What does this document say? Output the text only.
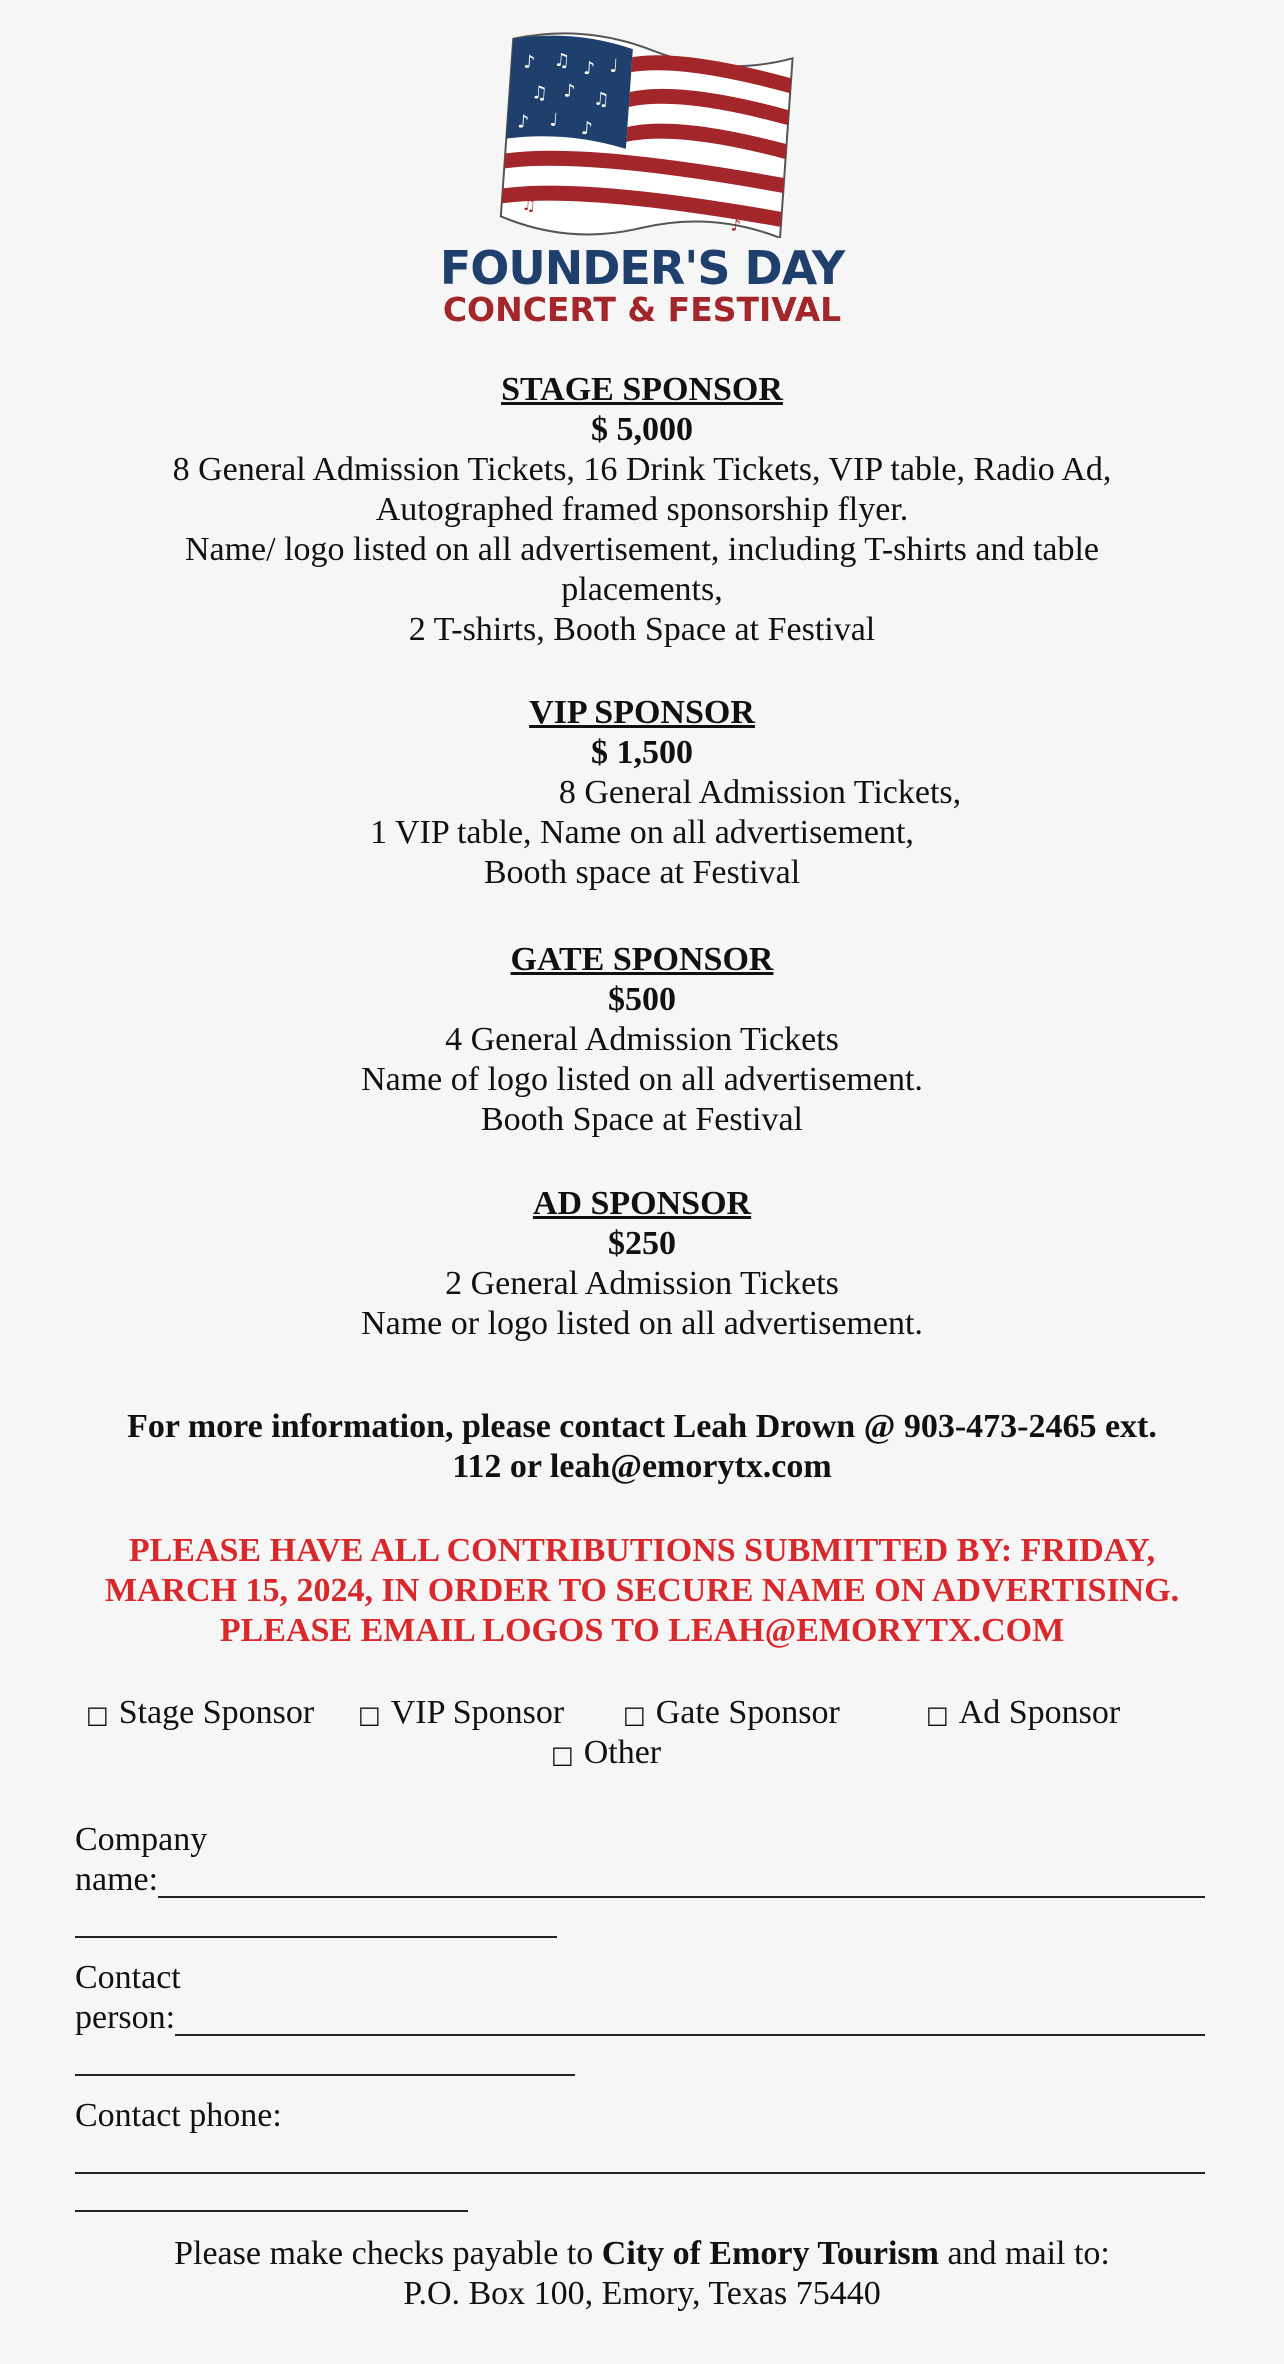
♪ ♫ ♪ ♩
♫ ♪ ♫
♪ ♩ ♪
♫
♪
FOUNDER'S DAY
CONCERT & FESTIVAL
STAGE SPONSOR
$ 5,000
8 General Admission Tickets, 16 Drink Tickets, VIP table, Radio Ad,
Autographed framed sponsorship flyer.
Name/ logo listed on all advertisement, including T-shirts and table
placements,
2 T-shirts, Booth Space at Festival
VIP SPONSOR
$ 1,500
8 General Admission Tickets,
1 VIP table, Name on all advertisement,
Booth space at Festival
GATE SPONSOR
$500
4 General Admission Tickets
Name of logo listed on all advertisement.
Booth Space at Festival
AD SPONSOR
$250
2 General Admission Tickets
Name or logo listed on all advertisement.
For more information, please contact Leah Drown @ 903-473-2465 ext.
112 or leah@emorytx.com
PLEASE HAVE ALL CONTRIBUTIONS SUBMITTED BY: FRIDAY,
MARCH 15, 2024, IN ORDER TO SECURE NAME ON ADVERTISING.
PLEASE EMAIL LOGOS TO LEAH@EMORYTX.COM
□ Stage Sponsor □ VIP Sponsor □ Gate Sponsor	□ Ad Sponsor
□ Other
Company
name:
Contact
person:
Contact phone:
Please make checks payable to City of Emory Tourism and mail to:
P.O. Box 100, Emory, Texas 75440
